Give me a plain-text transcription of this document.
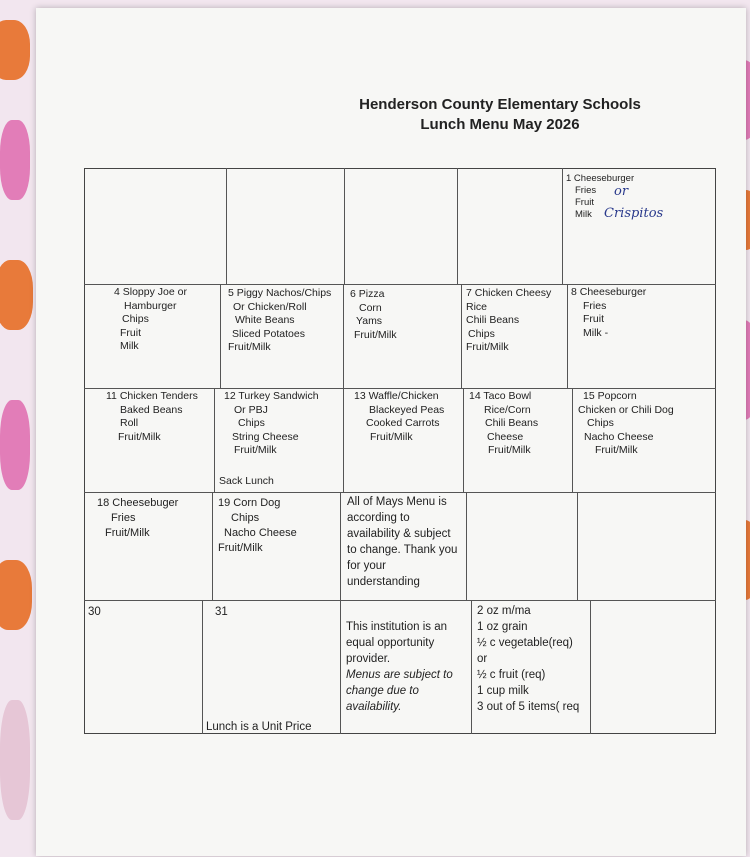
Henderson County Elementary Schools
Lunch Menu May 2026
1 Cheeseburger
Fries
Fruit
Milk
or
Crispitos
4 Sloppy Joe or
Hamburger
Chips
Fruit
Milk
5 Piggy Nachos/Chips
Or Chicken/Roll
White Beans
Sliced Potatoes
Fruit/Milk
6 Pizza
Corn
Yams
Fruit/Milk
7 Chicken Cheesy
Rice
Chili Beans
Chips
Fruit/Milk
8 Cheeseburger
Fries
Fruit
Milk -
11 Chicken Tenders
Baked Beans
Roll
Fruit/Milk
12 Turkey Sandwich
Or PBJ
Chips
String Cheese
Fruit/Milk
Sack Lunch
13 Waffle/Chicken
Blackeyed Peas
Cooked Carrots
Fruit/Milk
14 Taco Bowl
Rice/Corn
Chili Beans
Cheese
Fruit/Milk
15 Popcorn
Chicken or Chili Dog
Chips
Nacho Cheese
Fruit/Milk
18 Cheesebuger
Fries
Fruit/Milk
19 Corn Dog
Chips
Nacho Cheese
Fruit/Milk
All of Mays Menu is
according to
availability & subject
to change. Thank you
for your
understanding
30	31
Lunch is a Unit Price
This institution is an
equal opportunity
provider.
Menus are subject to
change due to
availability.
2 oz m/ma
1 oz grain
½ c vegetable(req)
or
½ c fruit (req)
1 cup milk
3 out of 5 items( req
